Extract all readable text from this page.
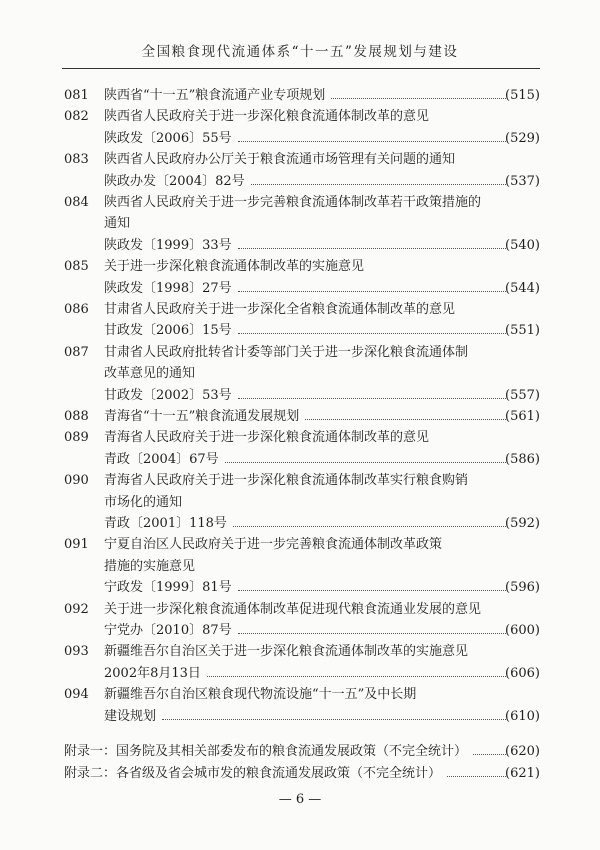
全国粮食现代流通体系“十一五”发展规划与建设
081 陕西省“十一五”粮食流通产业专项规划	(515)
082 陕西省人民政府关于进一步深化粮食流通体制改革的意见
陕政发〔2006〕55号	(529)
083 陕西省人民政府办公厅关于粮食流通市场管理有关问题的通知
陕政办发〔2004〕82号	(537)
084 陕西省人民政府关于进一步完善粮食流通体制改革若干政策措施的
通知
陕政发〔1999〕33号	(540)
085 关于进一步深化粮食流通体制改革的实施意见
陕政发〔1998〕27号	(544)
086 甘肃省人民政府关于进一步深化全省粮食流通体制改革的意见
甘政发〔2006〕15号	(551)
087 甘肃省人民政府批转省计委等部门关于进一步深化粮食流通体制
改革意见的通知
甘政发〔2002〕53号	(557)
088 青海省“十一五”粮食流通发展规划	(561)
089 青海省人民政府关于进一步深化粮食流通体制改革的意见
青政〔2004〕67号	(586)
090 青海省人民政府关于进一步深化粮食流通体制改革实行粮食购销
市场化的通知
青政〔2001〕118号	(592)
091 宁夏自治区人民政府关于进一步完善粮食流通体制改革政策
措施的实施意见
宁政发〔1999〕81号	(596)
092 关于进一步深化粮食流通体制改革促进现代粮食流通业发展的意见
宁党办〔2010〕87号	(600)
093 新疆维吾尔自治区关于进一步深化粮食流通体制改革的实施意见
2002年8月13日	(606)
094 新疆维吾尔自治区粮食现代物流设施“十一五”及中长期
建设规划	(610)
附录一：国务院及其相关部委发布的粮食流通发展政策（不完全统计）	(620)
附录二：各省级及省会城市发的粮食流通发展政策（不完全统计）	(621)
— 6 —
